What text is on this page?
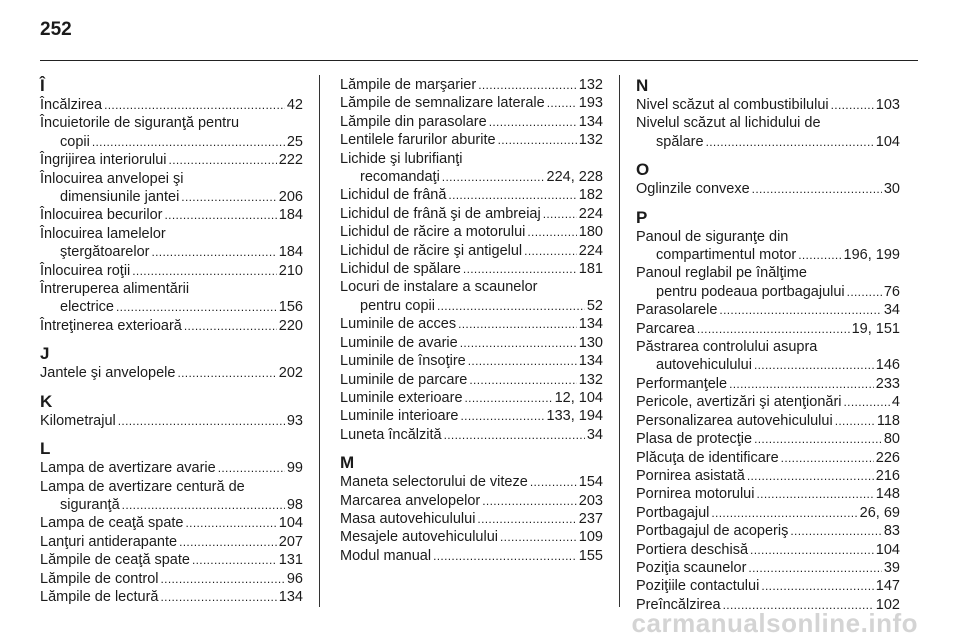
252
Î
Încălzirea . . .	42
Încuietorile de siguranţă pentru
copii . . .	25
Îngrijirea interiorului . . .	222
Înlocuirea anvelopei şi
dimensiunile jantei . . .	206
Înlocuirea becurilor . . .	184
Înlocuirea lamelelor
ştergătoarelor . . .	184
Înlocuirea roţii . . .	210
Întreruperea alimentării
electrice . . .	156
Întreţinerea exterioară . . .	220
J
Jantele şi anvelopele . . .	202
K
Kilometrajul . . .	93
L
Lampa de avertizare avarie . . .	99
Lampa de avertizare centură de
siguranţă . . .	98
Lampa de ceaţă spate . . .	104
Lanţuri antiderapante . . .	207
Lămpile de ceaţă spate . . .	131
Lămpile de control . . .	96
Lămpile de lectură . . .	134
Lămpile de marşarier . . .	132
Lămpile de semnalizare laterale . . . 193
Lămpile din parasolare . . .	134
Lentilele farurilor aburite . . .	132
Lichide şi lubrifianţi
recomandaţi . . .	224, 228
Lichidul de frână . . .	182
Lichidul de frână şi de ambreiaj . . .	224
Lichidul de răcire a motorului . . .	180
Lichidul de răcire şi antigelul . . .	224
Lichidul de spălare . . .	181
Locuri de instalare a scaunelor
pentru copii . . .	52
Luminile de acces . . .	134
Luminile de avarie . . .	130
Luminile de însoţire . . .	134
Luminile de parcare . . .	132
Luminile exterioare . . .	12, 104
Luminile interioare . . .	133, 194
Luneta încălzită . . .	34
M
Maneta selectorului de viteze . . .	154
Marcarea anvelopelor . . .	203
Masa autovehiculului . . .	237
Mesajele autovehiculului . . .	109
Modul manual . . .	155
N
Nivel scăzut al combustibilului . . .	103
Nivelul scăzut al lichidului de
spălare . . .	104
O
Oglinzile convexe . . .	30
P
Panoul de siguranţe din
compartimentul motor . . .	196, 199
Panoul reglabil pe înălţime
pentru podeaua portbagajului . . .	76
Parasolarele . . .	34
Parcarea . . .	19, 151
Păstrarea controlului asupra
autovehiculului . . .	146
Performanţele . . .	233
Pericole, avertizări şi atenţionări . . .	4
Personalizarea autovehiculului . . .	118
Plasa de protecţie . . .	80
Plăcuţa de identificare . . .	226
Pornirea asistată . . .	216
Pornirea motorului . . .	148
Portbagajul . . .	26, 69
Portbagajul de acoperiş . . .	83
Portiera deschisă . . .	104
Poziţia scaunelor . . .	39
Poziţiile contactului . . .	147
Preîncălzirea . . .	102
carmanualsonline.info
